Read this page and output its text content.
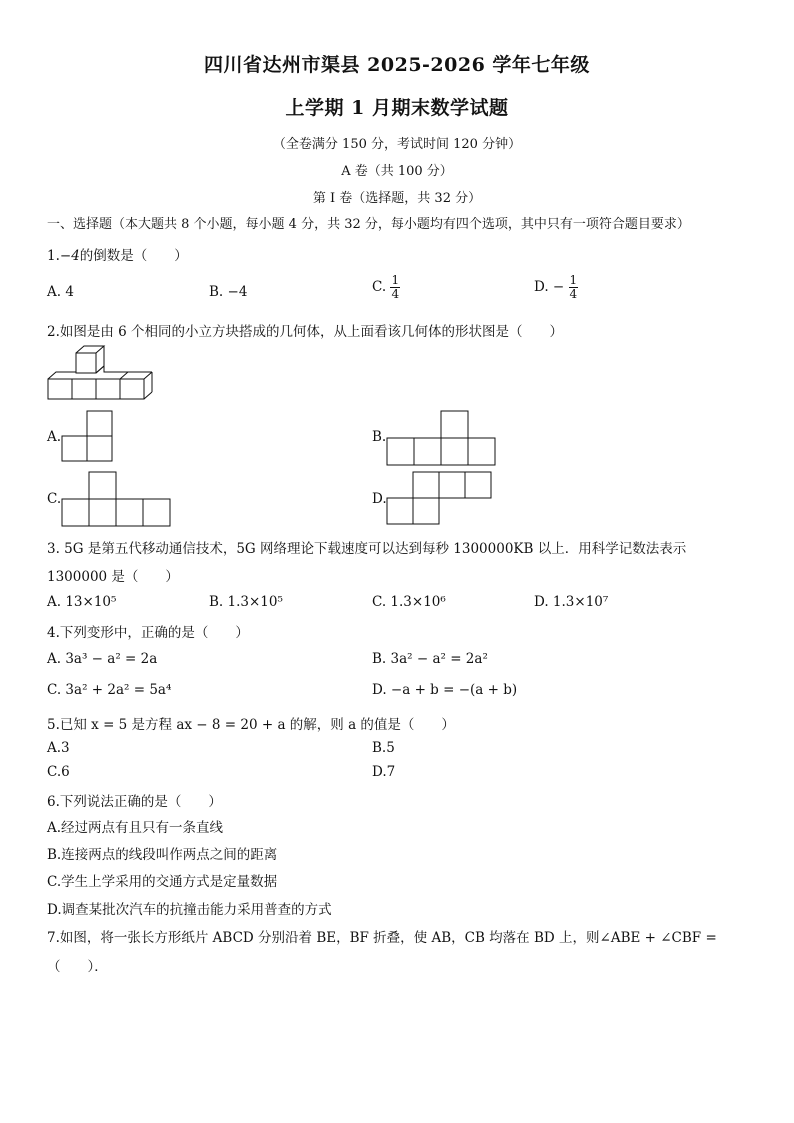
四川省达州市渠县 2025-2026 学年七年级
上学期 1 月期末数学试题
（全卷满分 150 分，考试时间 120 分钟）
A 卷（共 100 分）
第 I 卷（选择题，共 32 分）
一、选择题（本大题共 8 个小题，每小题 4 分，共 32 分，每小题均有四个选项，其中只有一项符合题目要求）
1.−4的倒数是（　　）
A. 4	B. −4	C. $\frac{1}{4}$	D. − $\frac{1}{4}$
2.如图是由 6 个相同的小立方块搭成的几何体，从上面看该几何体的形状图是（　　）
A.	B.
C.	D.
3. 5G 是第五代移动通信技术，5G 网络理论下载速度可以达到每秒 1300000KB 以上．用科学记数法表示
1300000 是（　　）
A. 13×10⁵	B. 1.3×10⁵	C. 1.3×10⁶	D. 1.3×10⁷
4.下列变形中，正确的是（　　）
A. 3a³ − a² = 2a	B. 3a² − a² = 2a²
C. 3a² + 2a² = 5a⁴	D. −a + b = −(a + b)
5.已知 x = 5 是方程 ax − 8 = 20 + a 的解，则 a 的值是（　　）
A.3	B.5
C.6	D.7
6.下列说法正确的是（　　）
A.经过两点有且只有一条直线
B.连接两点的线段叫作两点之间的距离
C.学生上学采用的交通方式是定量数据
D.调查某批次汽车的抗撞击能力采用普查的方式
7.如图，将一张长方形纸片 ABCD 分别沿着 BE，BF 折叠，使 AB，CB 均落在 BD 上，则∠ABE + ∠CBF =
（　　）．
